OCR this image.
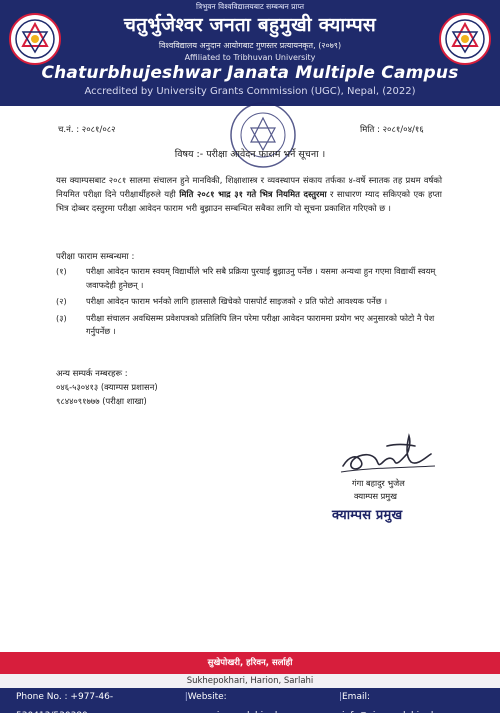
त्रिभुवन विश्वविद्यालयबाट सम्बन्धन प्राप्त
चतुर्भुजेश्वर जनता बहुमुखी क्याम्पस
विश्वविद्यालय अनुदान आयोगबाट गुणस्तर प्रत्यायनकृत, (२०७९)
Affiliated to Tribhuvan University
Chaturbhujeshwar Janata Multiple Campus
Accredited by University Grants Commission (UGC), Nepal, (2022)
च.नं. : २०८१/०८२	मिति : २०८१/०४/१६
विषय :- परीक्षा आवेदन फाराम भर्ने सूचना ।
यस क्याम्पसबाट २०८१ सालमा संचालन हुने मानविकी, शिक्षाशास्त्र र व्यवस्थापन संकाय तर्फका ४-वर्षे स्नातक तह प्रथम वर्षको नियमित परीक्षा दिने परीक्षार्थीहरुले यही मिति २०८१ भाद्र ३१ गते भित्र नियमित दस्तुरमा र साधारण म्याद सकिएको एक हप्ता भित्र दोब्बर दस्तुरमा परीक्षा आवेदन फाराम भरी बुझाउन सम्बन्धित सबैका लागि यो सूचना प्रकाशित गरिएको छ ।
परीक्षा फाराम सम्बन्धमा :
(१)	परीक्षा आवेदन फाराम स्वयम् विद्यार्थीले भरि सबै प्रक्रिया पुरयाई बुझाउनु पर्नेछ । यसमा अन्यथा हुन गएमा विद्यार्थी स्वयम् जवाफदेही हुनेछन् ।
(२)	परीक्षा आवेदन फाराम भर्नको लागि हालसालै खिचेको पासपोर्ट साइजको २ प्रति फोटो आवश्यक पर्नेछ ।
(३)	परीक्षा संचालन अवधिसम्म प्रवेशपत्रको प्रतिलिपि लिन परेमा परीक्षा आवेदन फाराममा प्रयोग भए अनुसारको फोटो नै पेश गर्नुपर्नेछ ।
अन्य सम्पर्क नम्बरहरू :
०४६-५३०४१३ (क्याम्पस प्रशासन)
९८४४०९१७७७ (परीक्षा शाखा)
गंगा बहादुर भुजेल
क्याम्पस प्रमुख
क्याम्पस प्रमुख
सुखेपोखरी, हरिवन, सर्लाही
Sukhepokhari, Harion, Sarlahi
Phone No. : +977-46-530413/530380
| Website: www.cjmcsarlahi.edu.np
| Email: info@cjmcsarlahi.edu.np
